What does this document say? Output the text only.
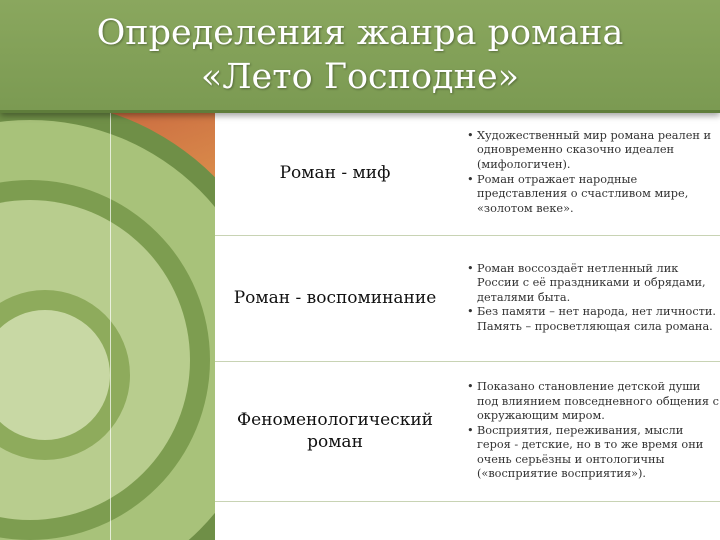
Определения жанра романа
«Лето Господне»
Роман - миф
• Художественный мир романа реален и одновременно сказочно идеален (мифологичен).
• Роман отражает народные представления о счастливом мире, «золотом веке».
Роман - воспоминание
• Роман воссоздаёт нетленный лик России с её праздниками и обрядами, деталями быта.
• Без памяти – нет народа, нет личности. Память – просветляющая сила романа.
Феноменологический роман
• Показано становление детской души под влиянием повседневного общения с окружающим миром.
• Восприятия, переживания, мысли героя - детские, но в то же время они очень серьёзны и онтологичны («восприятие восприятия»).
